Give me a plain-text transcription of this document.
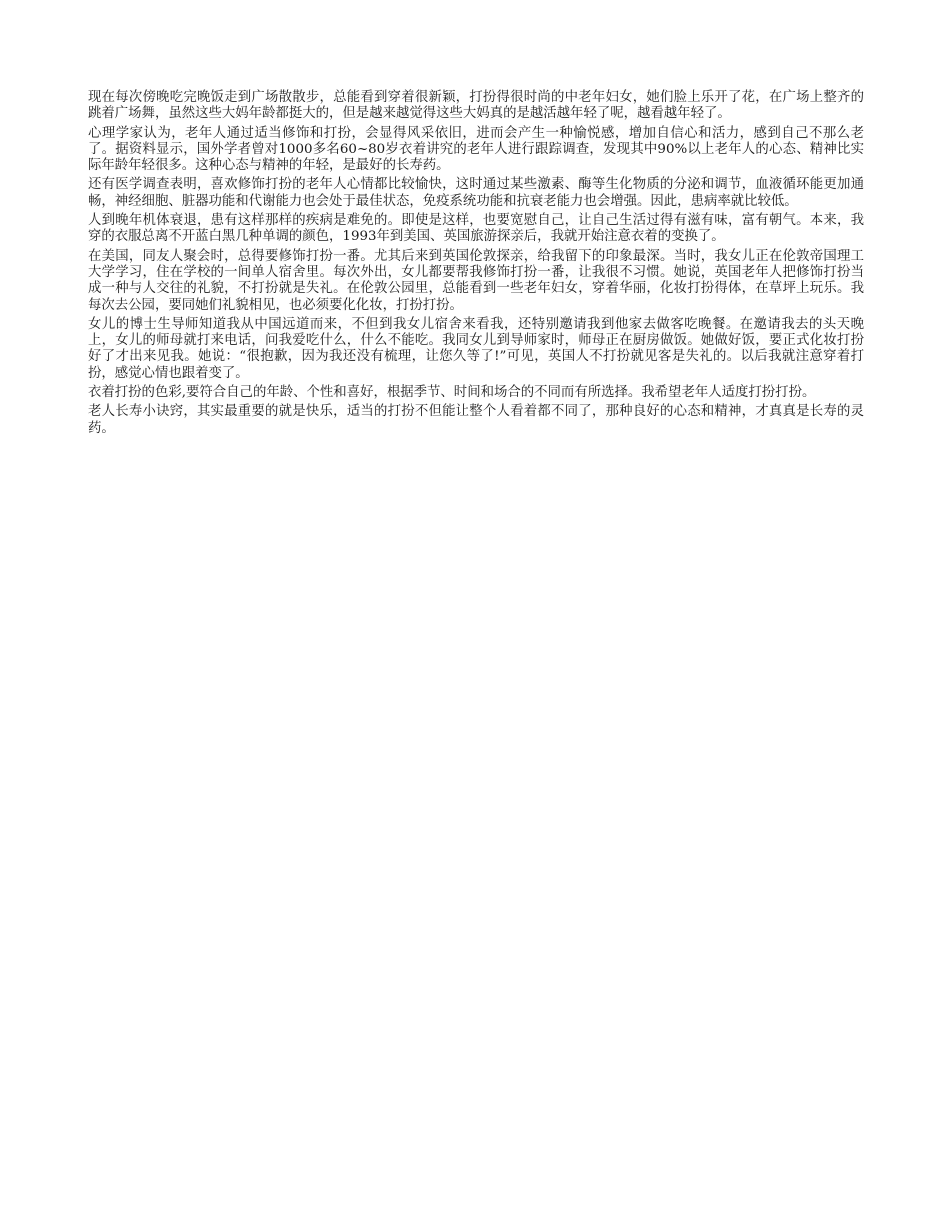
现在每次傍晚吃完晚饭走到广场散散步，总能看到穿着很新颖，打扮得很时尚的中老年妇女，她们脸上乐开了花，在广场上整齐的跳着广场舞，虽然这些大妈年龄都挺大的，但是越来越觉得这些大妈真的是越活越年轻了呢，越看越年轻了。

心理学家认为，老年人通过适当修饰和打扮，会显得风采依旧，进而会产生一种愉悦感，增加自信心和活力，感到自己不那么老了。据资料显示，国外学者曾对1000多名60~80岁衣着讲究的老年人进行跟踪调查，发现其中90%以上老年人的心态、精神比实际年龄年轻很多。这种心态与精神的年轻，是最好的长寿药。

还有医学调查表明，喜欢修饰打扮的老年人心情都比较愉快，这时通过某些激素、酶等生化物质的分泌和调节，血液循环能更加通畅，神经细胞、脏器功能和代谢能力也会处于最佳状态，免疫系统功能和抗衰老能力也会增强。因此，患病率就比较低。

人到晚年机体衰退，患有这样那样的疾病是难免的。即使是这样，也要宽慰自己，让自己生活过得有滋有味，富有朝气。本来，我穿的衣服总离不开蓝白黑几种单调的颜色，1993年到美国、英国旅游探亲后，我就开始注意衣着的变换了。

在美国，同友人聚会时，总得要修饰打扮一番。尤其后来到英国伦敦探亲，给我留下的印象最深。当时，我女儿正在伦敦帝国理工大学学习，住在学校的一间单人宿舍里。每次外出，女儿都要帮我修饰打扮一番，让我很不习惯。她说，英国老年人把修饰打扮当成一种与人交往的礼貌，不打扮就是失礼。在伦敦公园里，总能看到一些老年妇女，穿着华丽，化妆打扮得体，在草坪上玩乐。我每次去公园，要同她们礼貌相见，也必须要化化妆，打扮打扮。

女儿的博士生导师知道我从中国远道而来，不但到我女儿宿舍来看我，还特别邀请我到他家去做客吃晚餐。在邀请我去的头天晚上，女儿的师母就打来电话，问我爱吃什么，什么不能吃。我同女儿到导师家时，师母正在厨房做饭。她做好饭，要正式化妆打扮好了才出来见我。她说：“很抱歉，因为我还没有梳理，让您久等了!”可见，英国人不打扮就见客是失礼的。以后我就注意穿着打扮，感觉心情也跟着变了。

衣着打扮的色彩,要符合自己的年龄、个性和喜好，根据季节、时间和场合的不同而有所选择。我希望老年人适度打扮打扮。

老人长寿小诀窍，其实最重要的就是快乐，适当的打扮不但能让整个人看着都不同了，那种良好的心态和精神，才真真是长寿的灵药。
